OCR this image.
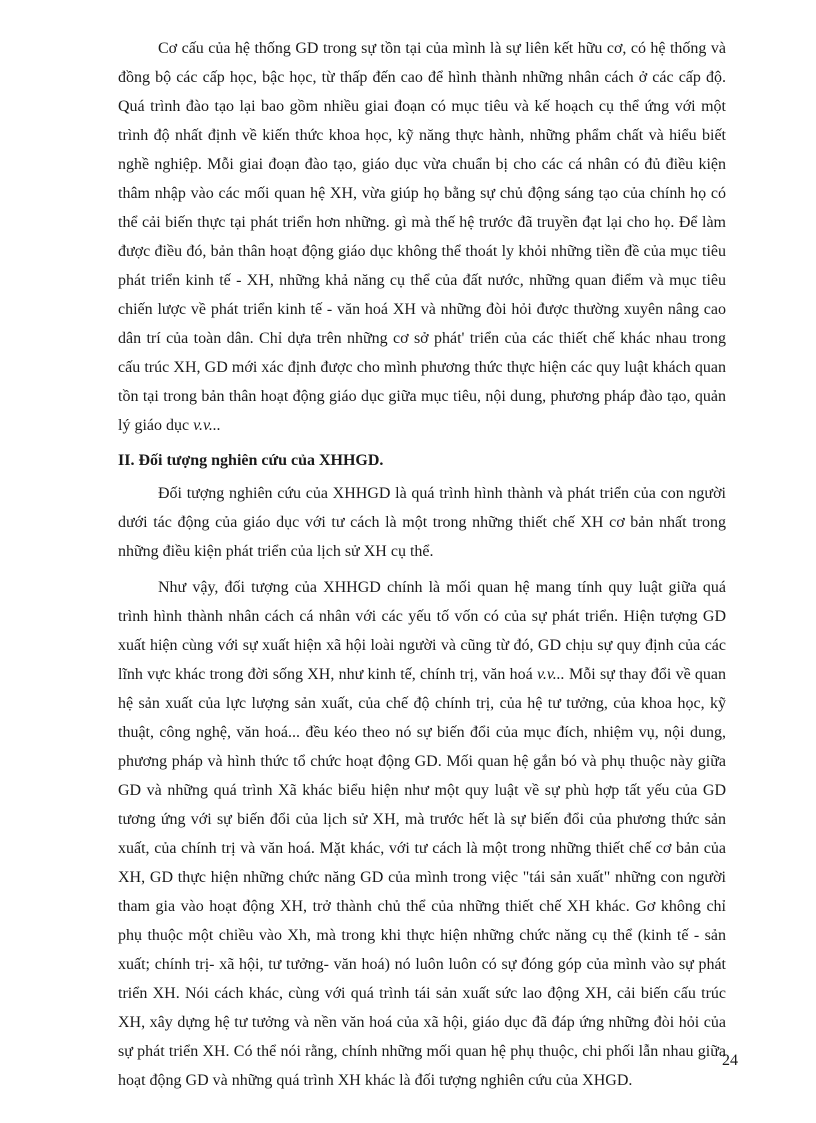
Cơ cấu của hệ thống GD trong sự tồn tại của mình là sự liên kết hữu cơ, có hệ thống và đồng bộ các cấp học, bậc học, từ thấp đến cao để hình thành những nhân cách ở các cấp độ. Quá trình đào tạo lại bao gồm nhiều giai đoạn có mục tiêu và kế hoạch cụ thể ứng với một trình độ nhất định về kiến thức khoa học, kỹ năng thực hành, những phẩm chất và hiểu biết nghề nghiệp. Mỗi giai đoạn đào tạo, giáo dục vừa chuẩn bị cho các cá nhân có đủ điều kiện thâm nhập vào các mối quan hệ XH, vừa giúp họ bằng sự chủ động sáng tạo của chính họ có thể cải biến thực tại phát triển hơn những. gì mà thế hệ trước đã truyền đạt lại cho họ. Để làm được điều đó, bản thân hoạt động giáo dục không thể thoát ly khỏi những tiền đề của mục tiêu phát triển kinh tế - XH, những khả năng cụ thể của đất nước, những quan điểm và mục tiêu chiến lược về phát triển kinh tế - văn hoá XH và những đòi hỏi được thường xuyên nâng cao dân trí của toàn dân. Chỉ dựa trên những cơ sở phát' triển của các thiết chế khác nhau trong cấu trúc XH, GD mới xác định được cho mình phương thức thực hiện các quy luật khách quan tồn tại trong bản thân hoạt động giáo dục giữa mục tiêu, nội dung, phương pháp đào tạo, quản lý giáo dục v.v...

II. Đối tượng nghiên cứu của XHHGD.

Đối tượng nghiên cứu của XHHGD là quá trình hình thành và phát triển của con người dưới tác động của giáo dục với tư cách là một trong những thiết chế XH cơ bản nhất trong những điều kiện phát triển của lịch sử XH cụ thể.

Như vậy, đối tượng của XHHGD chính là mối quan hệ mang tính quy luật giữa quá trình hình thành nhân cách cá nhân với các yếu tố vốn có của sự phát triển. Hiện tượng GD xuất hiện cùng với sự xuất hiện xã hội loài người và cũng từ đó, GD chịu sự quy định của các lĩnh vực khác trong đời sống XH, như kinh tế, chính trị, văn hoá v.v... Mỗi sự thay đổi về quan hệ sản xuất của lực lượng sản xuất, của chế độ chính trị, của hệ tư tưởng, của khoa học, kỹ thuật, công nghệ, văn hoá... đều kéo theo nó sự biến đổi của mục đích, nhiệm vụ, nội dung, phương pháp và hình thức tổ chức hoạt động GD. Mối quan hệ gắn bó và phụ thuộc này giữa GD và những quá trình Xã khác biểu hiện như một quy luật về sự phù hợp tất yếu của GD tương ứng với sự biến đổi của lịch sử XH, mà trước hết là sự biến đổi của phương thức sản xuất, của chính trị và văn hoá. Mặt khác, với tư cách là một trong những thiết chế cơ bản của XH, GD thực hiện những chức năng GD của mình trong việc "tái sản xuất" những con người tham gia vào hoạt động XH, trở thành chủ thể của những thiết chế XH khác. Gơ không chỉ phụ thuộc một chiều vào Xh, mà trong khi thực hiện những chức năng cụ thể (kinh tế - sản xuất; chính trị- xã hội, tư tưởng- văn hoá) nó luôn luôn có sự đóng góp của mình vào sự phát triển XH. Nói cách khác, cùng với quá trình tái sản xuất sức lao động XH, cải biến cấu trúc XH, xây dựng hệ tư tưởng và nền văn hoá của xã hội, giáo dục đã đáp ứng những đòi hỏi của sự phát triển XH. Có thể nói rằng, chính những mối quan hệ phụ thuộc, chi phối lẫn nhau giữa hoạt động GD và những quá trình XH khác là đối tượng nghiên cứu của XHGD.

24
